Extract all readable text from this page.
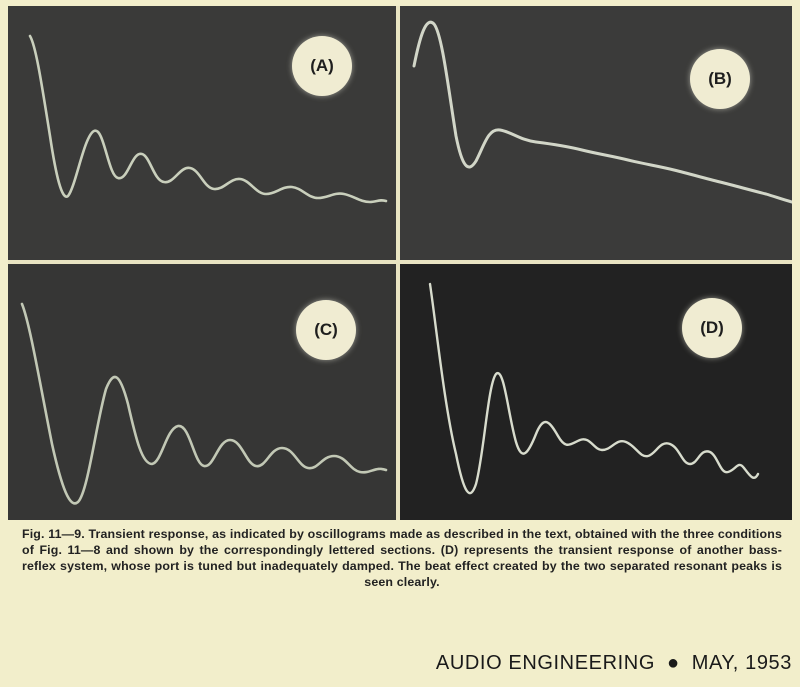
(A)
(B)
(C)	(D)
Fig. 11—9. Transient response, as indicated by oscillograms made as described in the text, obtained with the three conditions of Fig. 11—8 and shown by the correspondingly lettered sections. (D) represents the transient response of another bass-reflex system, whose port is tuned but inadequately damped. The beat effect created by the two separated resonant peaks is seen clearly.
AUDIO ENGINEERING ● MAY, 1953
